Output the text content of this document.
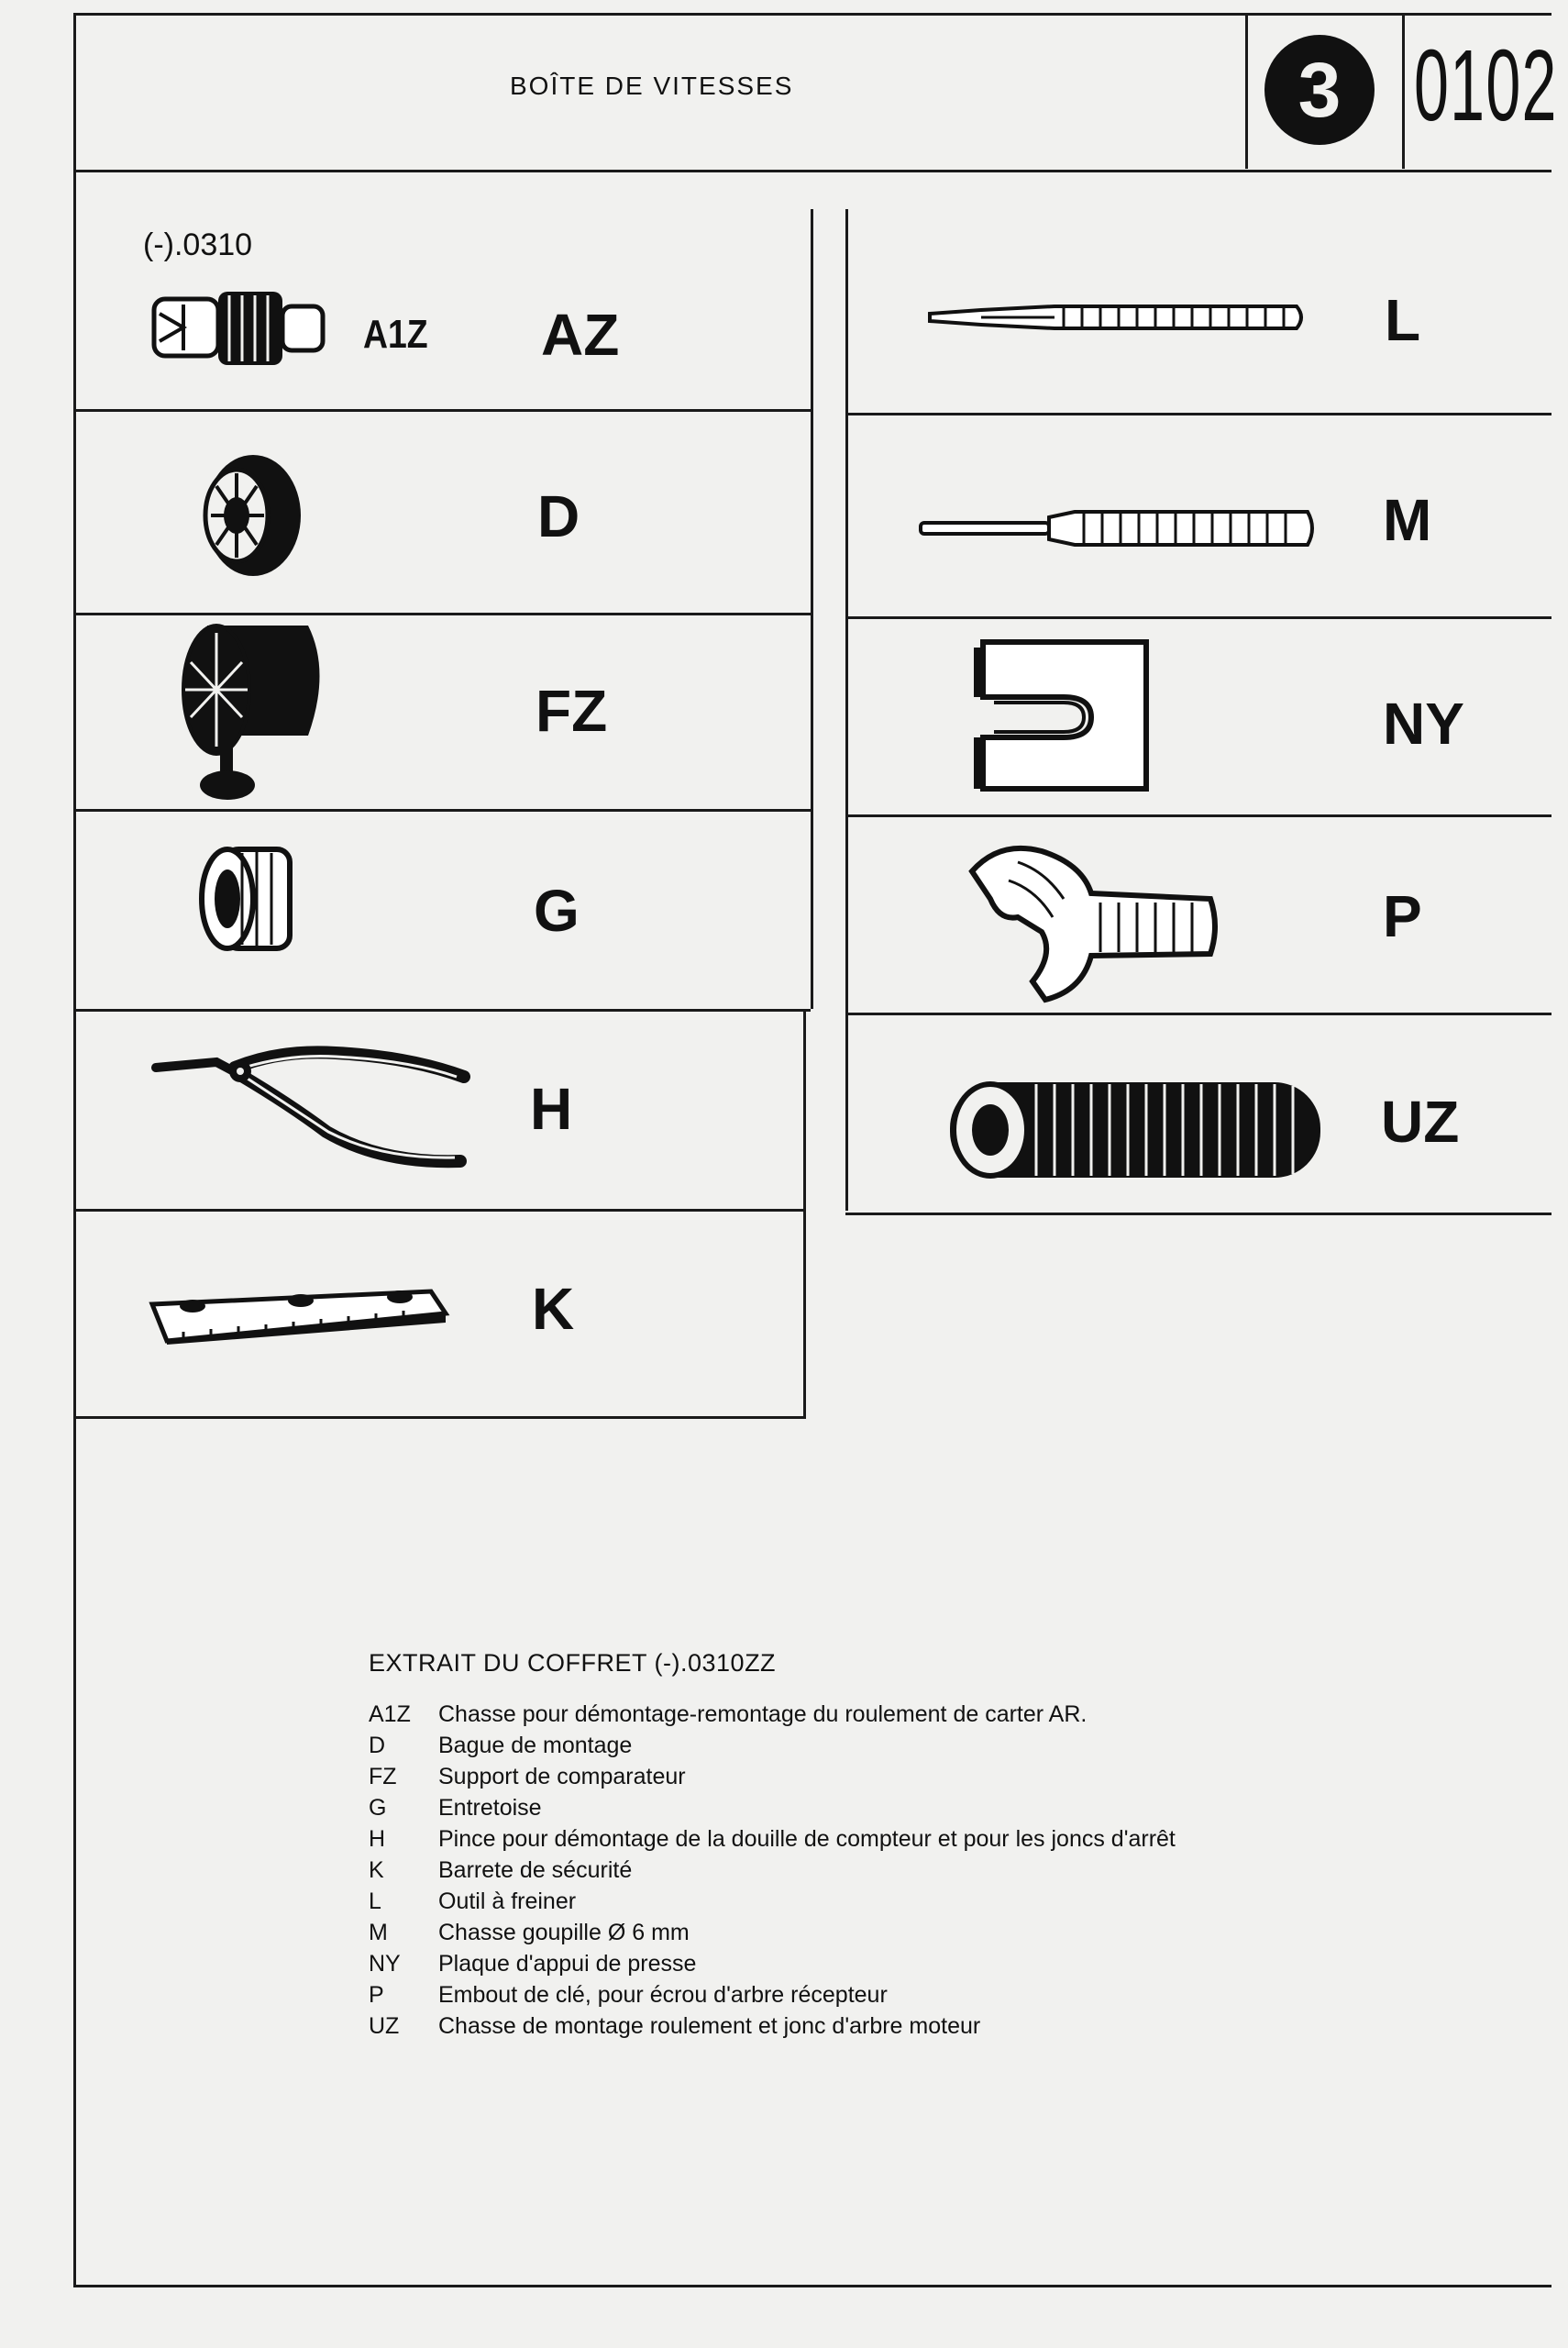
BOÎTE DE VITESSES	3 0102
(-).0310
A1Z AZ
D
FZ
G
H
K
L
M
NY
P
UZ
EXTRAIT DU COFFRET (-).0310ZZ
A1Z	Chasse pour démontage-remontage du roulement de carter AR.
D	Bague de montage
FZ	Support de comparateur
G	Entretoise
H	Pince pour démontage de la douille de compteur et pour les joncs d'arrêt
K	Barrete de sécurité
L	Outil à freiner
M	Chasse goupille Ø 6 mm
NY	Plaque d'appui de presse
P	Embout de clé, pour écrou d'arbre récepteur
UZ	Chasse de montage roulement et jonc d'arbre moteur
